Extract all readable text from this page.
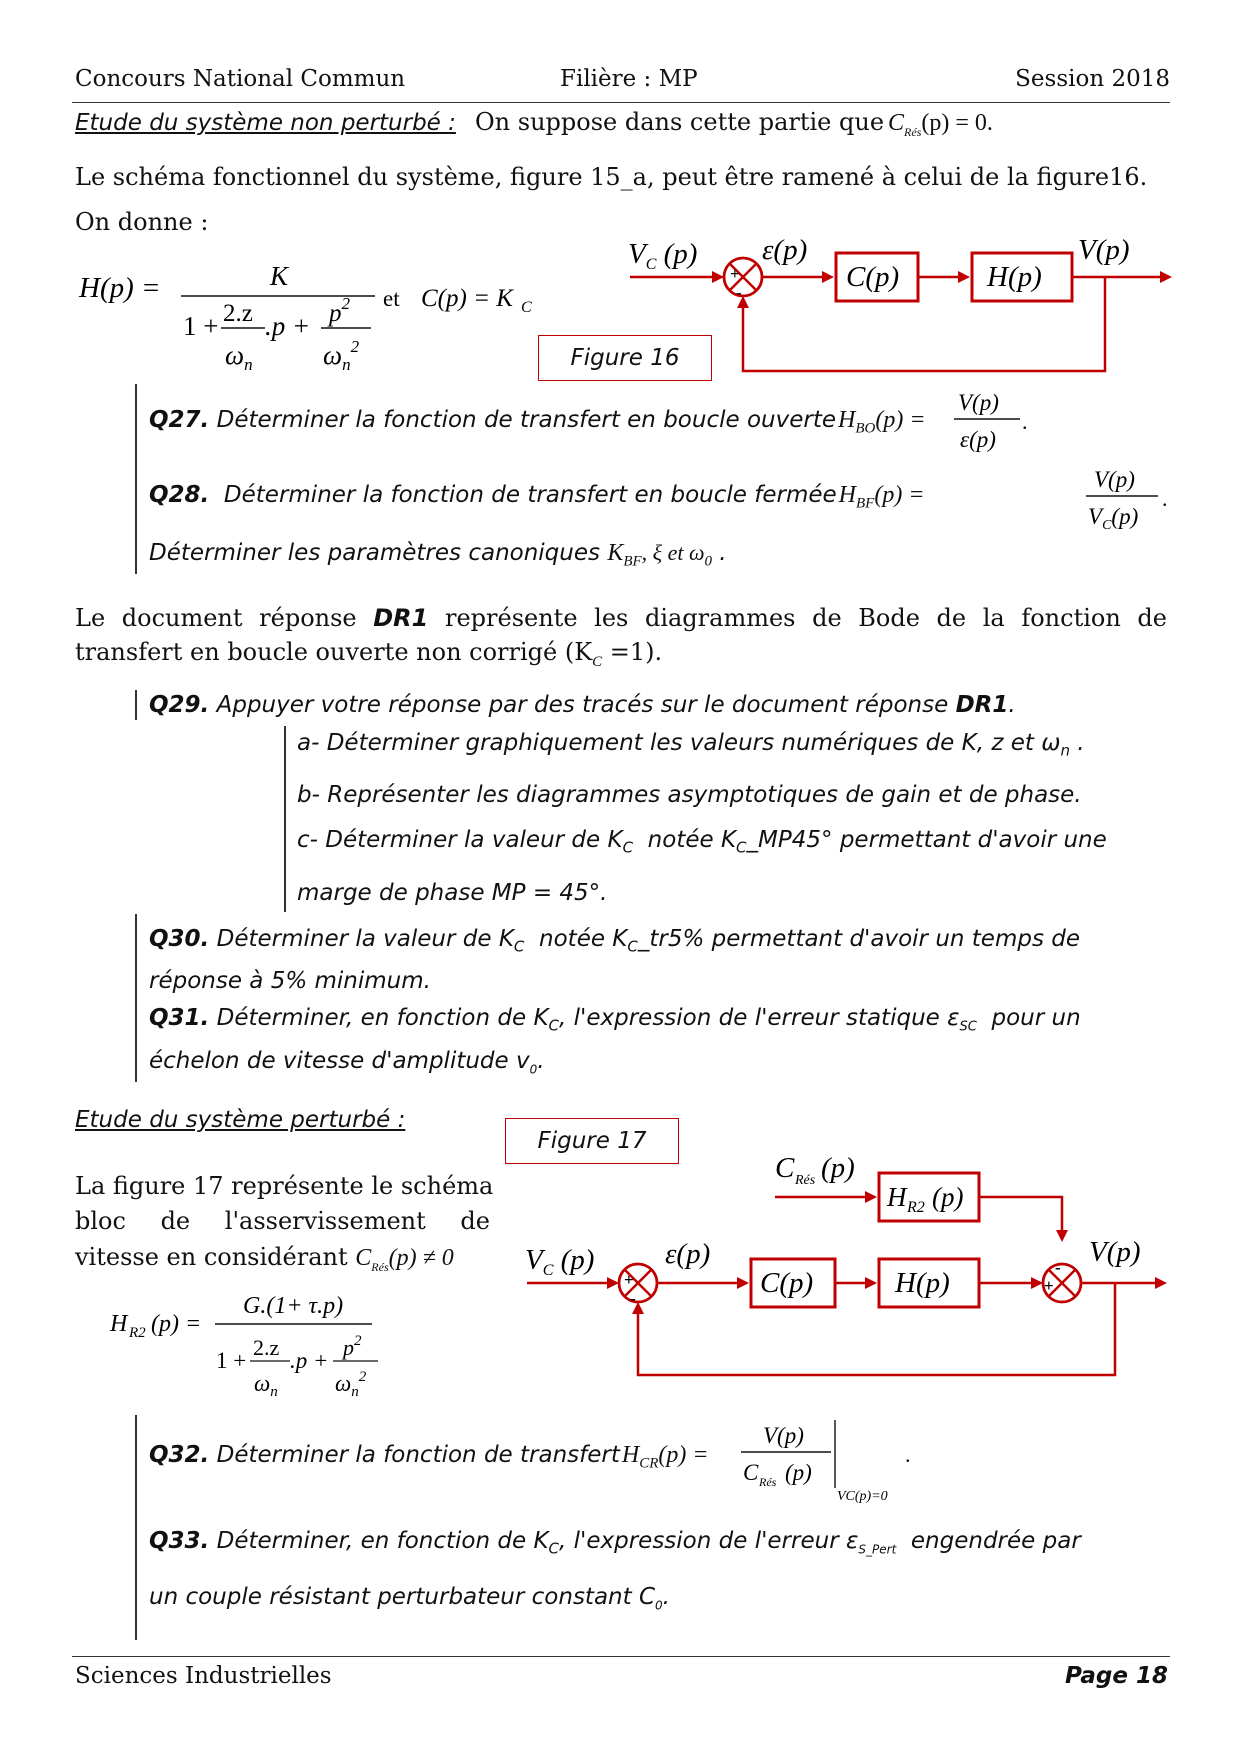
Concours National Commun	Filière : MP	Session 2018
Etude du système non perturbé : On suppose dans cette partie que $C_{Rés}(p) = 0$.
Le schéma fonctionnel du système, figure 15_a, peut être ramené à celui de la figure16.
On donne :
H(p) =	K
1 + 2.z
$\omega_n$
$.p + p^2$
$\omega_n^2$
et C(p) = K C
$V_C$ (p)
+
-
ε(p)
C(p)	H(p)
V(p)
Figure 16
Q27. Déterminer la fonction de transfert en boucle ouverteH$_{BO}$(p) =
V(p)
ε(p)
.
Q28. Déterminer la fonction de transfert en boucle ferméeH$_{BF}$(p) =
V(p)
$V_C(p)$
.
Déterminer les paramètres canoniques $K_{BF}$, ξ et $\omega_0$ .
Le document réponse DR1 représente les diagrammes de Bode de la fonction de
transfert en boucle ouverte non corrigé $(K_C =1)$.
Q29. Appuyer votre réponse par des tracés sur le document réponse DR1.
a- Déterminer graphiquement les valeurs numériques de K, z et $\omega_n$ .
b- Représenter les diagrammes asymptotiques de gain et de phase.
c- Déterminer la valeur de $K_C$ notée $K_C\_MP45^\circ$ permettant d'avoir une
marge de phase MP = 45°.
Q30. Déterminer la valeur de $K_C$ notée $K_C\_tr5\%$ permettant d'avoir un temps de
réponse à 5% minimum.
Q31. Déterminer, en fonction de $K_C$, l'expression de l'erreur statique $\varepsilon_{SC}$ pour un
échelon de vitesse d'amplitude $v_0$.
Etude du système perturbé :
Figure 17
La figure 17 représente le schéma
bloc de l'asservissement de
vitesse en considérant $C_{Rés}(p) \ne 0$
H R2 (p) =
G.(1+ τ.p)
1 +
2.z
$\omega_n$
.p +
$p^2$
$\omega_n^2$
C Rés (p)
H R2 (p)
$V_C$ (p)
+
-
ε(p)
C(p)	H(p)	-
+
V(p)
Q32. Déterminer la fonction de transfertH$_{CR}$(p) =
V(p)
C Rés (p)
VC(p)=0
.
Q33. Déterminer, en fonction de $K_C$, l'expression de l'erreur $\varepsilon_{S\_Pert}$ engendrée par
un couple résistant perturbateur constant $C_0$.
Sciences Industrielles	Page 18
